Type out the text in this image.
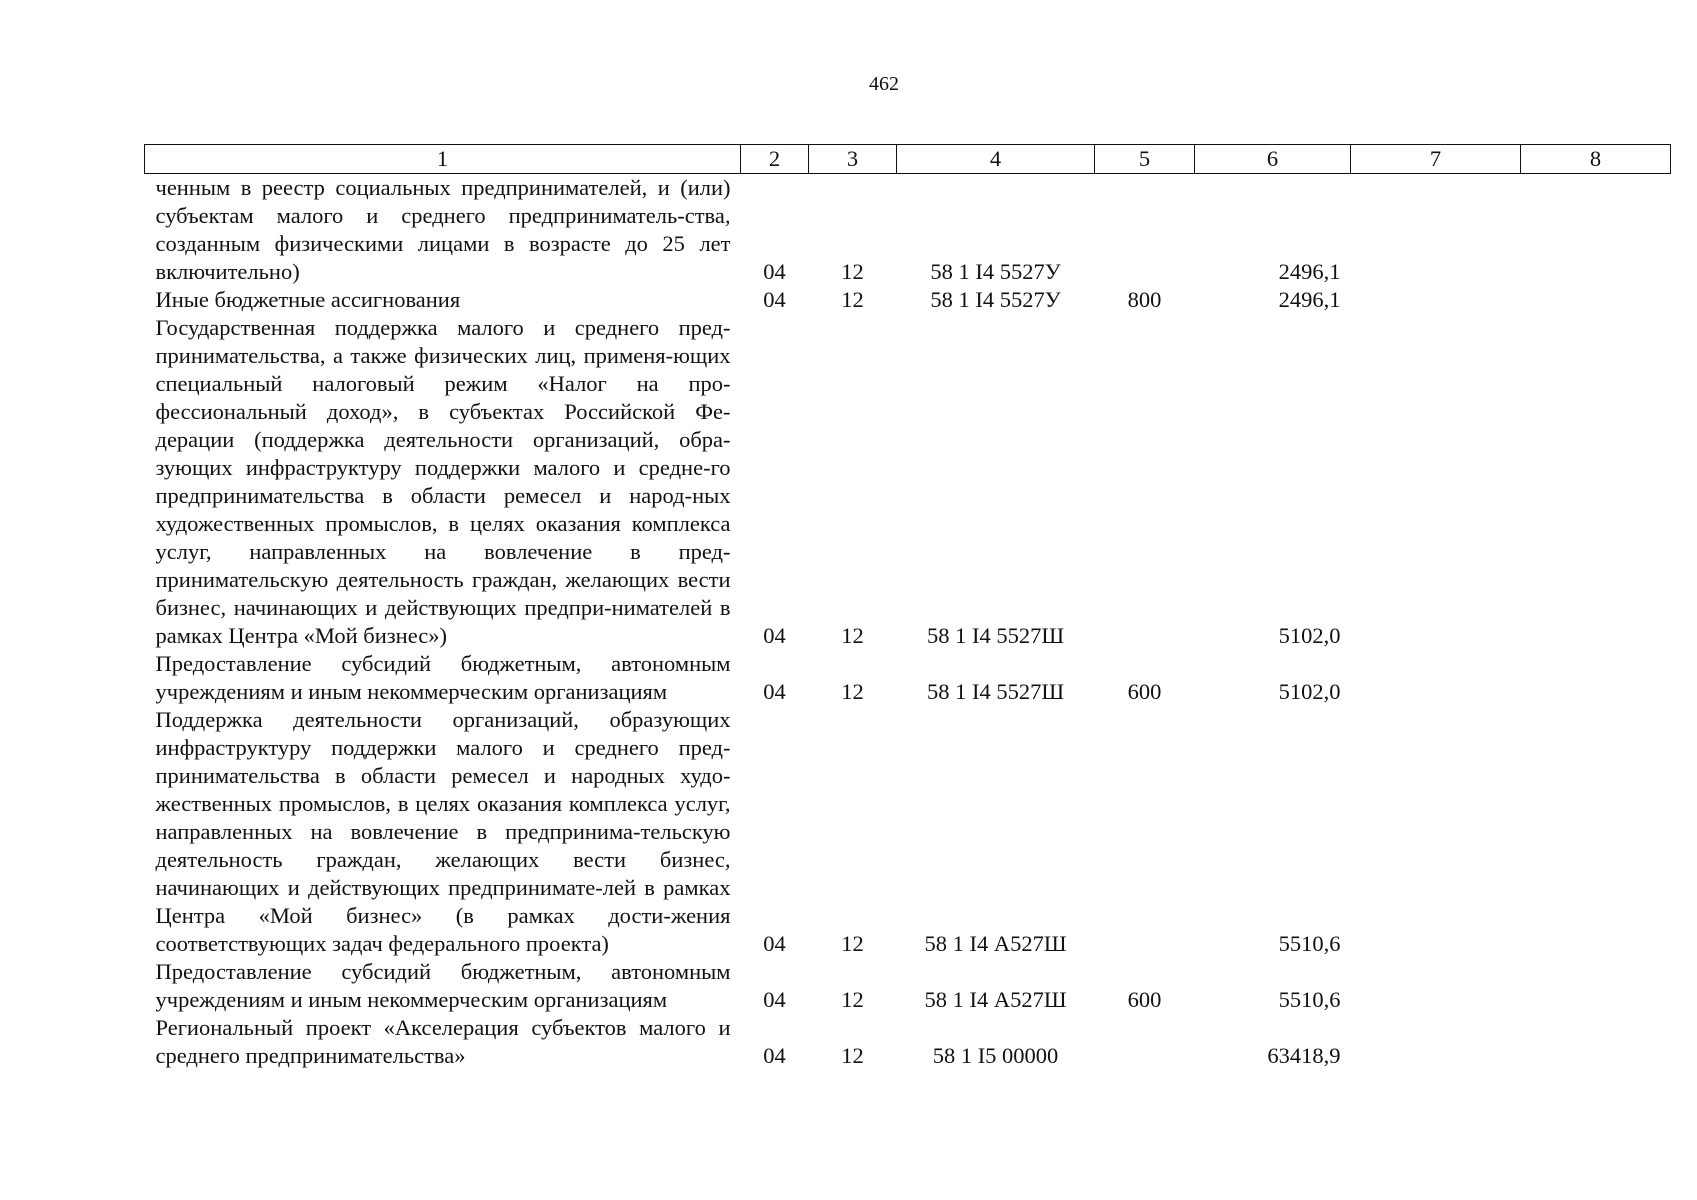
462
1	2	3	4	5	6	7	8
ченным в реестр социальных предпринимателей, и (или) субъектам малого и среднего предприниматель-ства, созданным физическими лицами в возрасте до 25 лет включительно)	04	12	58 1 I4 5527У		2496,1		
Иные бюджетные ассигнования	04	12	58 1 I4 5527У	800	2496,1		
Государственная поддержка малого и среднего пред-принимательства, а также физических лиц, применя-ющих специальный налоговый режим «Налог на про-фессиональный доход», в субъектах Российской Фе-дерации (поддержка деятельности организаций, обра-зующих инфраструктуру поддержки малого и средне-го предпринимательства в области ремесел и народ-ных художественных промыслов, в целях оказания комплекса услуг, направленных на вовлечение в пред-принимательскую деятельность граждан, желающих вести бизнес, начинающих и действующих предпри-нимателей в рамках Центра «Мой бизнес»)	04	12	58 1 I4 5527Ш		5102,0		
Предоставление субсидий бюджетным, автономным учреждениям и иным некоммерческим организациям	04	12	58 1 I4 5527Ш	600	5102,0		
Поддержка деятельности организаций, образующих инфраструктуру поддержки малого и среднего пред-принимательства в области ремесел и народных худо-жественных промыслов, в целях оказания комплекса услуг, направленных на вовлечение в предпринима-тельскую деятельность граждан, желающих вести бизнес, начинающих и действующих предпринимате-лей в рамках Центра «Мой бизнес» (в рамках дости-жения соответствующих задач федерального проекта)	04	12	58 1 I4 А527Ш		5510,6		
Предоставление субсидий бюджетным, автономным учреждениям и иным некоммерческим организациям	04	12	58 1 I4 А527Ш	600	5510,6		
Региональный проект «Акселерация субъектов малого и среднего предпринимательства»	04	12	58 1 I5 00000		63418,9		
